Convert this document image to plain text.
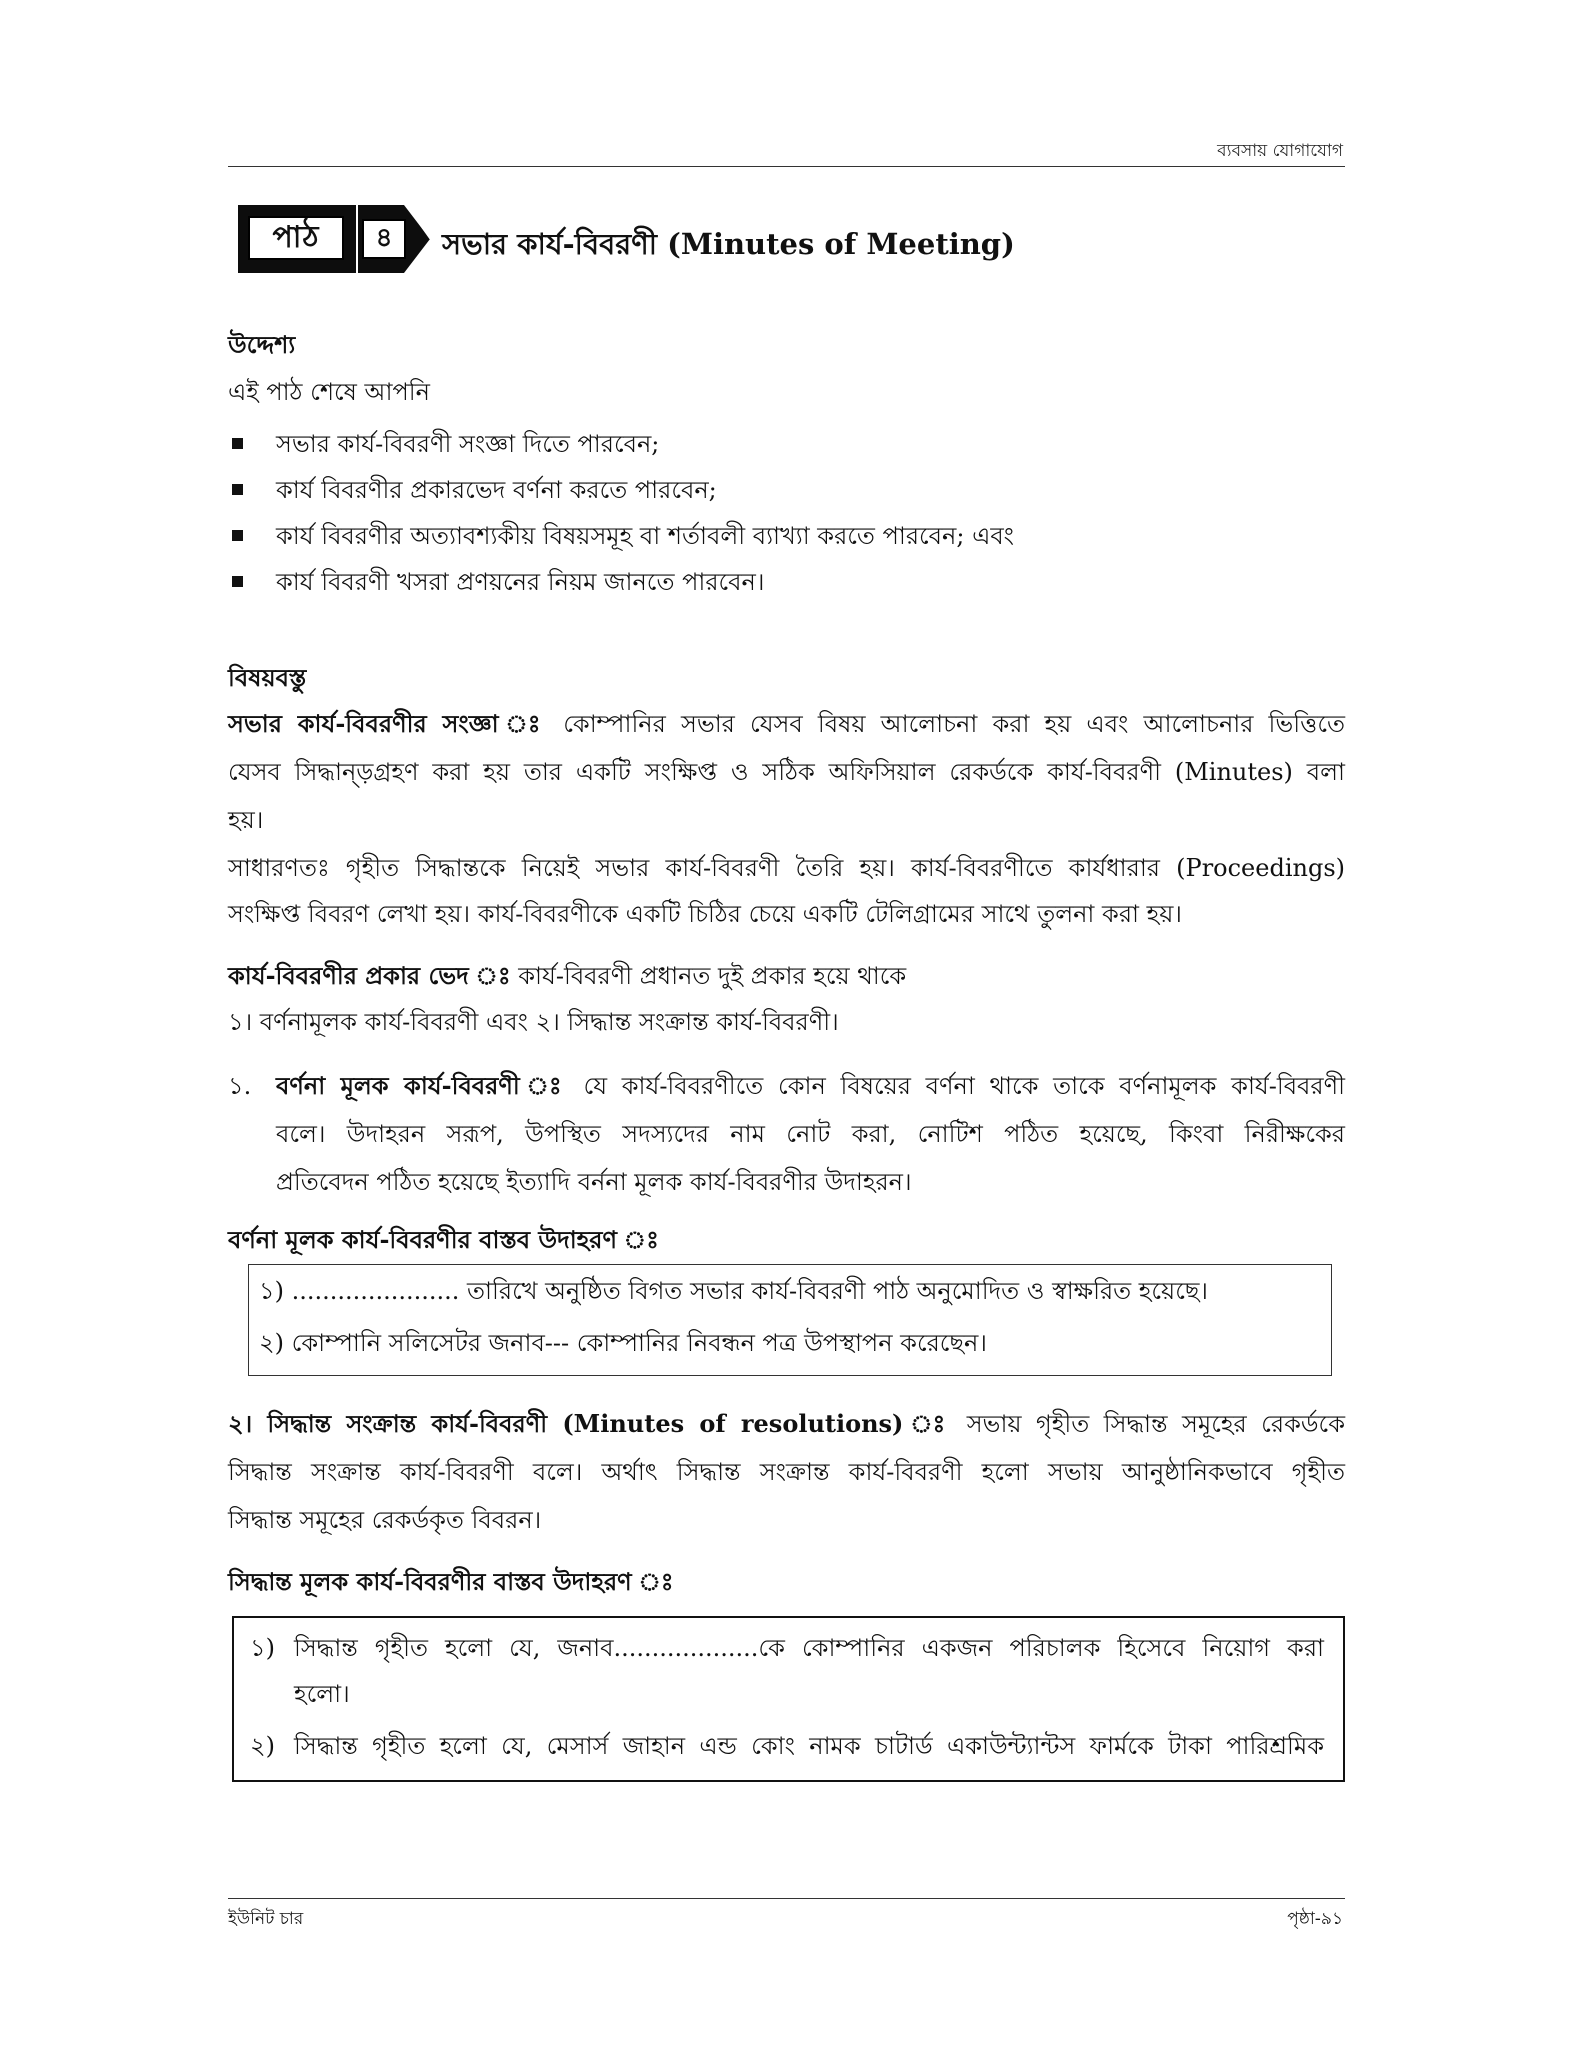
ব্যবসায় যোগাযোগ
পাঠ	৪	সভার কার্য-বিবরণী (Minutes of Meeting)
উদ্দেশ্য
এই পাঠ শেষে আপনি
সভার কার্য-বিবরণী সংজ্ঞা দিতে পারবেন;
কার্য বিবরণীর প্রকারভেদ বর্ণনা করতে পারবেন;
কার্য বিবরণীর অত্যাবশ্যকীয় বিষয়সমূহ বা শর্তাবলী ব্যাখ্যা করতে পারবেন; এবং
কার্য বিবরণী খসরা প্রণয়নের নিয়ম জানতে পারবেন।
বিষয়বস্তু
সভার কার্য-বিবরণীর সংজ্ঞা ঃ কোম্পানির সভার যেসব বিষয় আলোচনা করা হয় এবং আলোচনার ভিত্তিতে
যেসব সিদ্ধান্ড়গ্রহণ করা হয় তার একটি সংক্ষিপ্ত ও সঠিক অফিসিয়াল রেকর্ডকে কার্য-বিবরণী (Minutes) বলা
হয়।
সাধারণতঃ গৃহীত সিদ্ধান্তকে নিয়েই সভার কার্য-বিবরণী তৈরি হয়। কার্য-বিবরণীতে কার্যধারার (Proceedings)
সংক্ষিপ্ত বিবরণ লেখা হয়। কার্য-বিবরণীকে একটি চিঠির চেয়ে একটি টেলিগ্রামের সাথে তুলনা করা হয়।
কার্য-বিবরণীর প্রকার ভেদ ঃ কার্য-বিবরণী প্রধানত দুই প্রকার হয়ে থাকে
১। বর্ণনামূলক কার্য-বিবরণী এবং ২। সিদ্ধান্ত সংক্রান্ত কার্য-বিবরণী।
১.	বর্ণনা মূলক কার্য-বিবরণী ঃ যে কার্য-বিবরণীতে কোন বিষয়ের বর্ণনা থাকে তাকে বর্ণনামূলক কার্য-বিবরণী
বলে। উদাহরন সরূপ, উপস্থিত সদস্যদের নাম নোট করা, নোটিশ পঠিত হয়েছে, কিংবা নিরীক্ষকের
প্রতিবেদন পঠিত হয়েছে ইত্যাদি বর্ননা মূলক কার্য-বিবরণীর উদাহরন।
বর্ণনা মূলক কার্য-বিবরণীর বাস্তব উদাহরণ ঃ
১) ...................... তারিখে অনুষ্ঠিত বিগত সভার কার্য-বিবরণী পাঠ অনুমোদিত ও স্বাক্ষরিত হয়েছে।
২) কোম্পানি সলিসেটর জনাব--- কোম্পানির নিবন্ধন পত্র উপস্থাপন করেছেন।
২। সিদ্ধান্ত সংক্রান্ত কার্য-বিবরণী (Minutes of resolutions) ঃ সভায় গৃহীত সিদ্ধান্ত সমূহের রেকর্ডকে
সিদ্ধান্ত সংক্রান্ত কার্য-বিবরণী বলে। অর্থাৎ সিদ্ধান্ত সংক্রান্ত কার্য-বিবরণী হলো সভায় আনুষ্ঠানিকভাবে গৃহীত
সিদ্ধান্ত সমূহের রেকর্ডকৃত বিবরন।
সিদ্ধান্ত মূলক কার্য-বিবরণীর বাস্তব উদাহরণ ঃ
১) সিদ্ধান্ত গৃহীত হলো যে, জনাব...................কে কোম্পানির একজন পরিচালক হিসেবে নিয়োগ করা
হলো।
২) সিদ্ধান্ত গৃহীত হলো যে, মেসার্স জাহান এন্ড কোং নামক চাটার্ড একাউন্ট্যান্টস ফার্মকে টাকা পারিশ্রমিক
ইউনিট চার	পৃষ্ঠা-৯১
